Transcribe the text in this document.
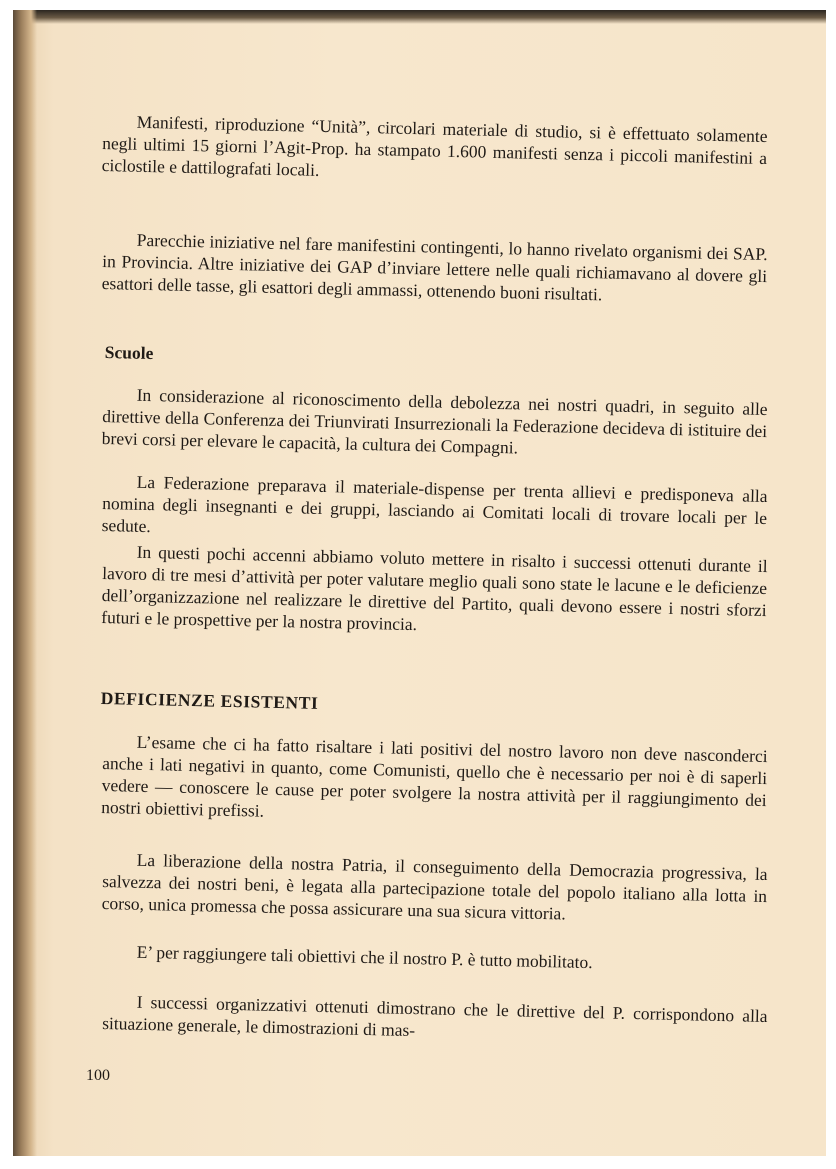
Manifesti, riproduzione “Unità”, circolari materiale di studio, si è effettuato solamente negli ultimi 15 giorni l’Agit-Prop. ha stampato 1.600 manifesti senza i piccoli manifestini a ciclostile e dattilografati locali.

Parecchie iniziative nel fare manifestini contingenti, lo hanno rivelato organismi dei SAP. in Provincia. Altre iniziative dei GAP d’inviare lettere nelle quali richiamavano al dovere gli esattori delle tasse, gli esattori degli ammassi, ottenendo buoni risultati.

Scuole

In considerazione al riconoscimento della debolezza nei nostri quadri, in seguito alle direttive della Conferenza dei Triunvirati Insurrezionali la Federazione decideva di istituire dei brevi corsi per elevare le capacità, la cultura dei Compagni.

La Federazione preparava il materiale-dispense per trenta allievi e predisponeva alla nomina degli insegnanti e dei gruppi, lasciando ai Comitati locali di trovare locali per le sedute.

In questi pochi accenni abbiamo voluto mettere in risalto i successi ottenuti durante il lavoro di tre mesi d’attività per poter valutare meglio quali sono state le lacune e le deficienze dell’organizzazione nel realizzare le direttive del Partito, quali devono essere i nostri sforzi futuri e le prospettive per la nostra provincia.

DEFICIENZE ESISTENTI

L’esame che ci ha fatto risaltare i lati positivi del nostro lavoro non deve nasconderci anche i lati negativi in quanto, come Comunisti, quello che è necessario per noi è di saperli vedere — conoscere le cause per poter svolgere la nostra attività per il raggiungimento dei nostri obiettivi prefissi.

La liberazione della nostra Patria, il conseguimento della Democrazia progressiva, la salvezza dei nostri beni, è legata alla partecipazione totale del popolo italiano alla lotta in corso, unica promessa che possa assicurare una sua sicura vittoria.

E’ per raggiungere tali obiettivi che il nostro P. è tutto mobilitato.

I successi organizzativi ottenuti dimostrano che le direttive del P. corrispondono alla situazione generale, le dimostrazioni di mas-

100
